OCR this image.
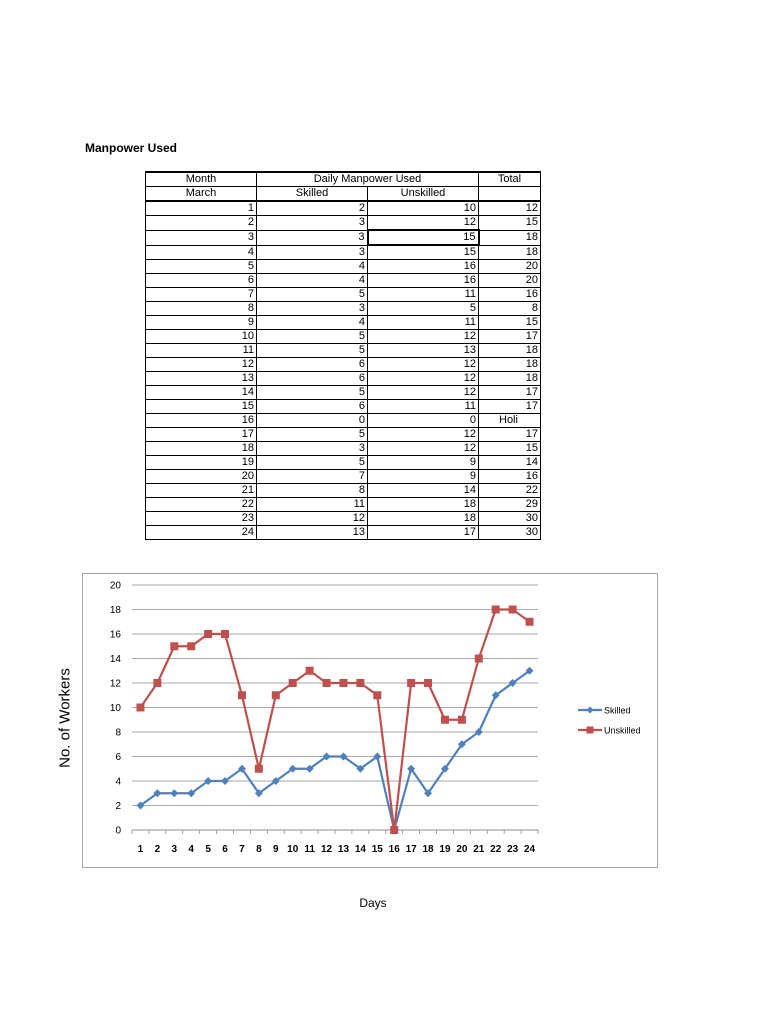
Manpower Used
Month	Daily Manpower Used		Total
March	Skilled	Unskilled	
1	2	10	12
2	3	12	15
3	3	15	18
4	3	15	18
5	4	16	20
6	4	16	20
7	5	11	16
8	3	5	8
9	4	11	15
10	5	12	17
11	5	13	18
12	6	12	18
13	6	12	18
14	5	12	17
15	6	11	17
16	0	0	Holi
17	5	12	17
18	3	12	15
19	5	9	14
20	7	9	16
21	8	14	22
22	11	18	29
23	12	18	30
24	13	17	30
0
2
4
6
8
10
12
14
16
18
20
1 2 3 4 5 6 7 8 9 10 11 12 13 14 15 16 17 18 19 20 21 22 23 24
Skilled
Unskilled
No. of Workers
Days
